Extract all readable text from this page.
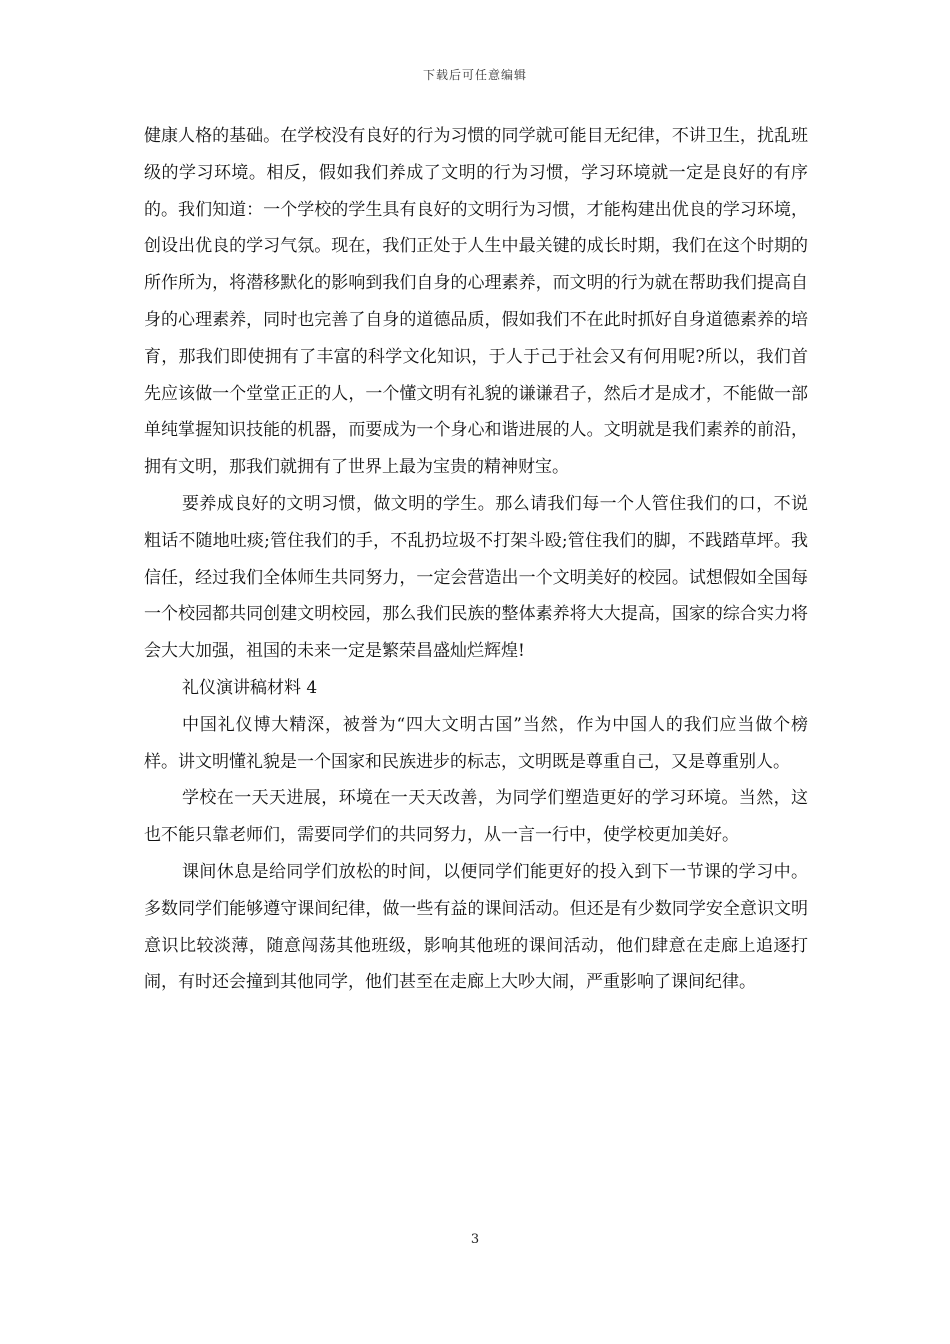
下载后可任意编辑

健康人格的基础。在学校没有良好的行为习惯的同学就可能目无纪律，不讲卫生，扰乱班级的学习环境。相反，假如我们养成了文明的行为习惯，学习环境就一定是良好的有序的。我们知道：一个学校的学生具有良好的文明行为习惯，才能构建出优良的学习环境，创设出优良的学习气氛。现在，我们正处于人生中最关键的成长时期，我们在这个时期的所作所为，将潜移默化的影响到我们自身的心理素养，而文明的行为就在帮助我们提高自身的心理素养，同时也完善了自身的道德品质，假如我们不在此时抓好自身道德素养的培育，那我们即使拥有了丰富的科学文化知识，于人于己于社会又有何用呢?所以，我们首先应该做一个堂堂正正的人，一个懂文明有礼貌的谦谦君子，然后才是成才，不能做一部单纯掌握知识技能的机器，而要成为一个身心和谐进展的人。文明就是我们素养的前沿，拥有文明，那我们就拥有了世界上最为宝贵的精神财宝。

要养成良好的文明习惯，做文明的学生。那么请我们每一个人管住我们的口，不说粗话不随地吐痰;管住我们的手，不乱扔垃圾不打架斗殴;管住我们的脚，不践踏草坪。我信任，经过我们全体师生共同努力，一定会营造出一个文明美好的校园。试想假如全国每一个校园都共同创建文明校园，那么我们民族的整体素养将大大提高，国家的综合实力将会大大加强，祖国的未来一定是繁荣昌盛灿烂辉煌!

礼仪演讲稿材料 4

中国礼仪博大精深，被誉为“四大文明古国”当然，作为中国人的我们应当做个榜样。讲文明懂礼貌是一个国家和民族进步的标志，文明既是尊重自己，又是尊重别人。

学校在一天天进展，环境在一天天改善，为同学们塑造更好的学习环境。当然，这也不能只靠老师们，需要同学们的共同努力，从一言一行中，使学校更加美好。

课间休息是给同学们放松的时间，以便同学们能更好的投入到下一节课的学习中。多数同学们能够遵守课间纪律，做一些有益的课间活动。但还是有少数同学安全意识文明意识比较淡薄，随意闯荡其他班级，影响其他班的课间活动，他们肆意在走廊上追逐打闹，有时还会撞到其他同学，他们甚至在走廊上大吵大闹，严重影响了课间纪律。

3
